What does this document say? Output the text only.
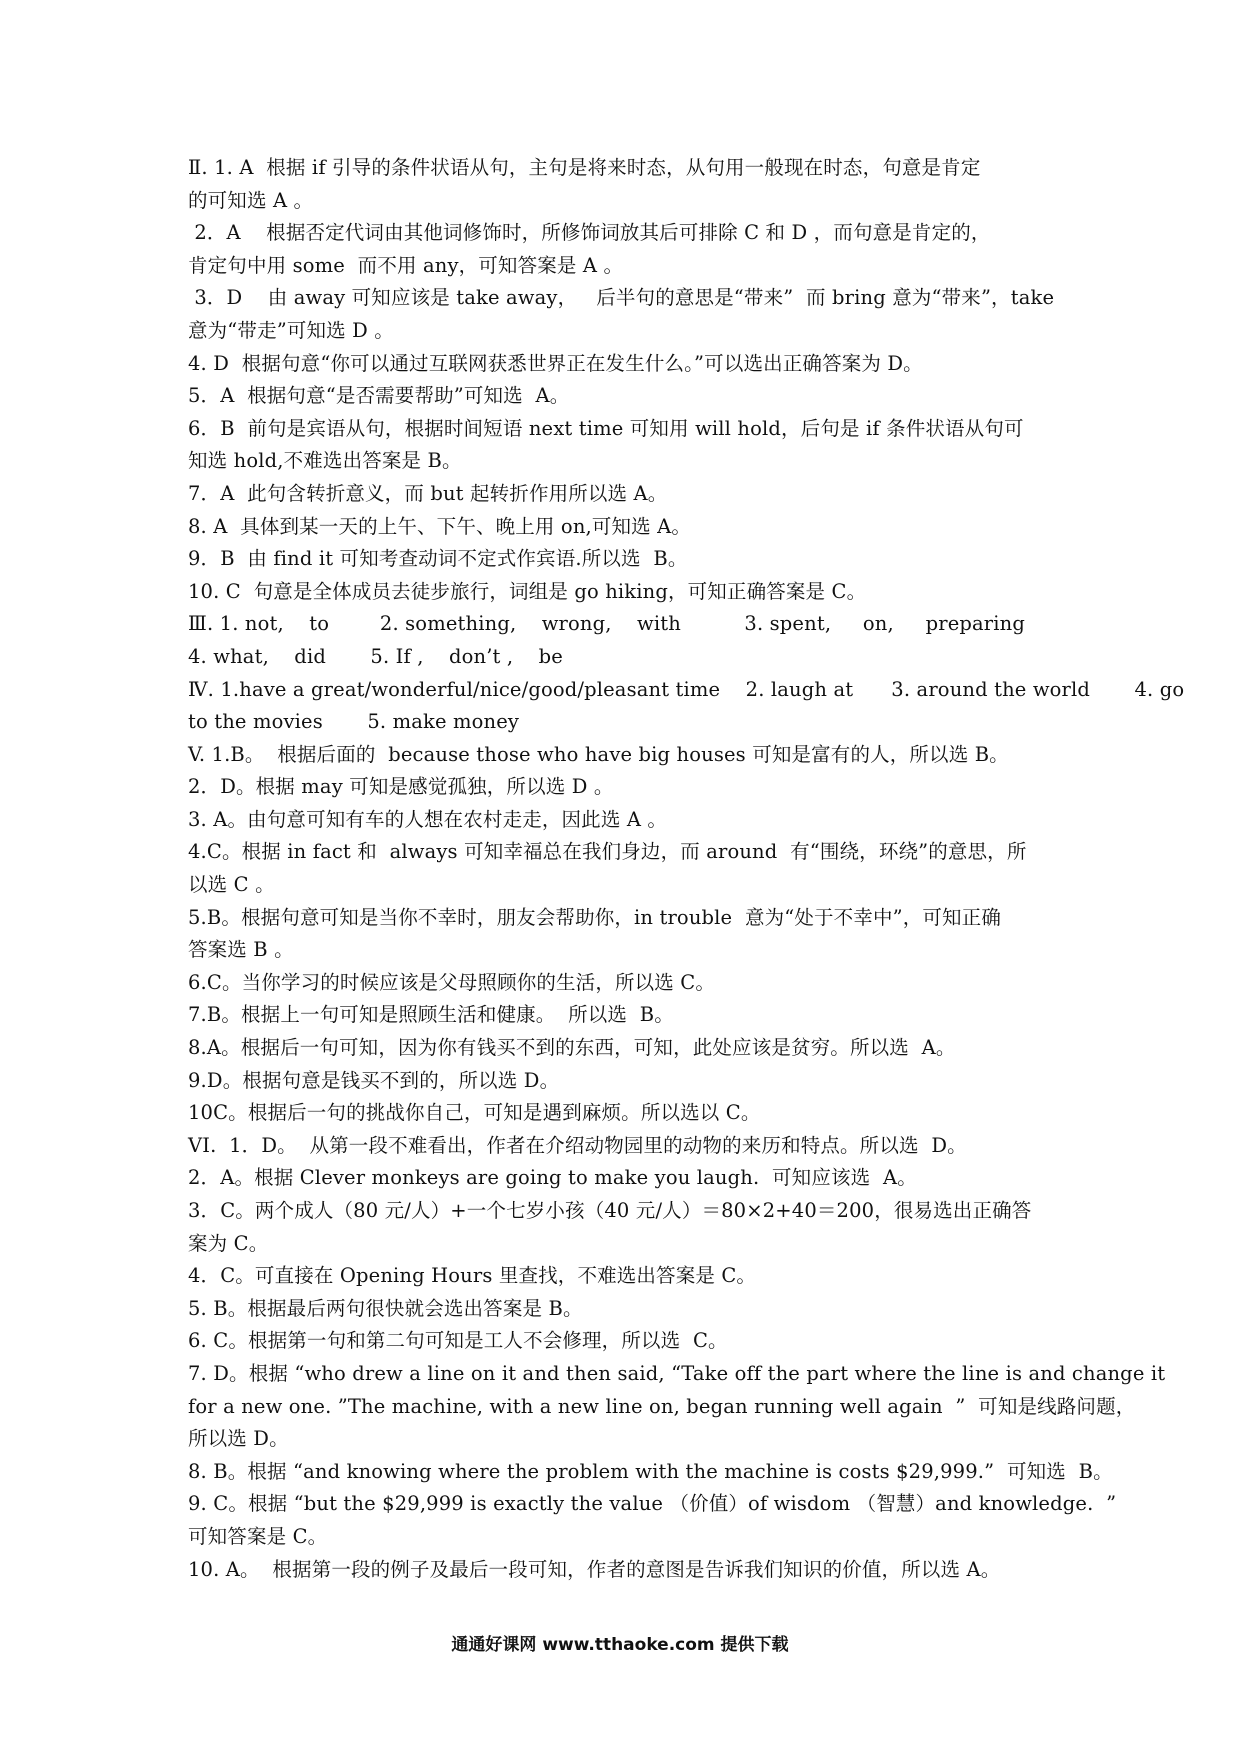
Ⅱ. 1. A  根据 if 引导的条件状语从句，主句是将来时态，从句用一般现在时态，句意是肯定
的可知选 A 。
2．A    根据否定代词由其他词修饰时，所修饰词放其后可排除 C 和 D ，而句意是肯定的，
肯定句中用 some  而不用 any，可知答案是 A 。
3．D    由 away 可知应该是 take away，   后半句的意思是“带来”  而 bring 意为“带来”，take
意为“带走”可知选 D 。
4. D  根据句意“你可以通过互联网获悉世界正在发生什么。”可以选出正确答案为 D。
5．A  根据句意“是否需要帮助”可知选  A。
6．B  前句是宾语从句，根据时间短语 next time 可知用 will hold，后句是 if 条件状语从句可
知选 hold,不难选出答案是 B。
7．A  此句含转折意义，而 but 起转折作用所以选 A。
8. A  具体到某一天的上午、下午、晚上用 on,可知选 A。
9．B  由 find it 可知考查动词不定式作宾语.所以选  B。
10. C  句意是全体成员去徒步旅行，词组是 go hiking，可知正确答案是 C。
Ⅲ. 1. not,    to        2. something,    wrong,    with          3. spent,     on,     preparing
4. what,    did       5. If ,    don’t ,    be
Ⅳ. 1.have a great/wonderful/nice/good/pleasant time    2. laugh at      3. around the world       4. go
to the movies       5. make money
V. 1.B。  根据后面的  because those who have big houses 可知是富有的人，所以选 B。
2．D。根据 may 可知是感觉孤独，所以选 D 。
3. A。由句意可知有车的人想在农村走走，因此选 A 。
4.C。根据 in fact 和  always 可知幸福总在我们身边，而 around  有“围绕，环绕”的意思，所
以选 C 。
5.B。根据句意可知是当你不幸时，朋友会帮助你，in trouble  意为“处于不幸中”，可知正确
答案选 B 。
6.C。当你学习的时候应该是父母照顾你的生活，所以选 C。
7.B。根据上一句可知是照顾生活和健康。  所以选  B。
8.A。根据后一句可知，因为你有钱买不到的东西，可知，此处应该是贫穷。所以选  A。
9.D。根据句意是钱买不到的，所以选 D。
10C。根据后一句的挑战你自己，可知是遇到麻烦。所以选以 C。
VI.  1．D。  从第一段不难看出，作者在介绍动物园里的动物的来历和特点。所以选  D。
2．A。根据 Clever monkeys are going to make you laugh.  可知应该选  A。
3．C。两个成人（80 元/人）+一个七岁小孩（40 元/人）＝80×2+40＝200，很易选出正确答
案为 C。
4．C。可直接在 Opening Hours 里查找，不难选出答案是 C。
5. B。根据最后两句很快就会选出答案是 B。
6. C。根据第一句和第二句可知是工人不会修理，所以选  C。
7. D。根据 “who drew a line on it and then said, “Take off the part where the line is and change it
for a new one. ”The machine, with a new line on, began running well again  ”  可知是线路问题，
所以选 D。
8. B。根据 “and knowing where the problem with the machine is costs $29,999.”  可知选  B。
9. C。根据 “but the $29,999 is exactly the value （价值）of wisdom （智慧）and knowledge.  ”
可知答案是 C。
10. A。  根据第一段的例子及最后一段可知，作者的意图是告诉我们知识的价值，所以选 A。
通通好课网 www.tthaoke.com 提供下载
